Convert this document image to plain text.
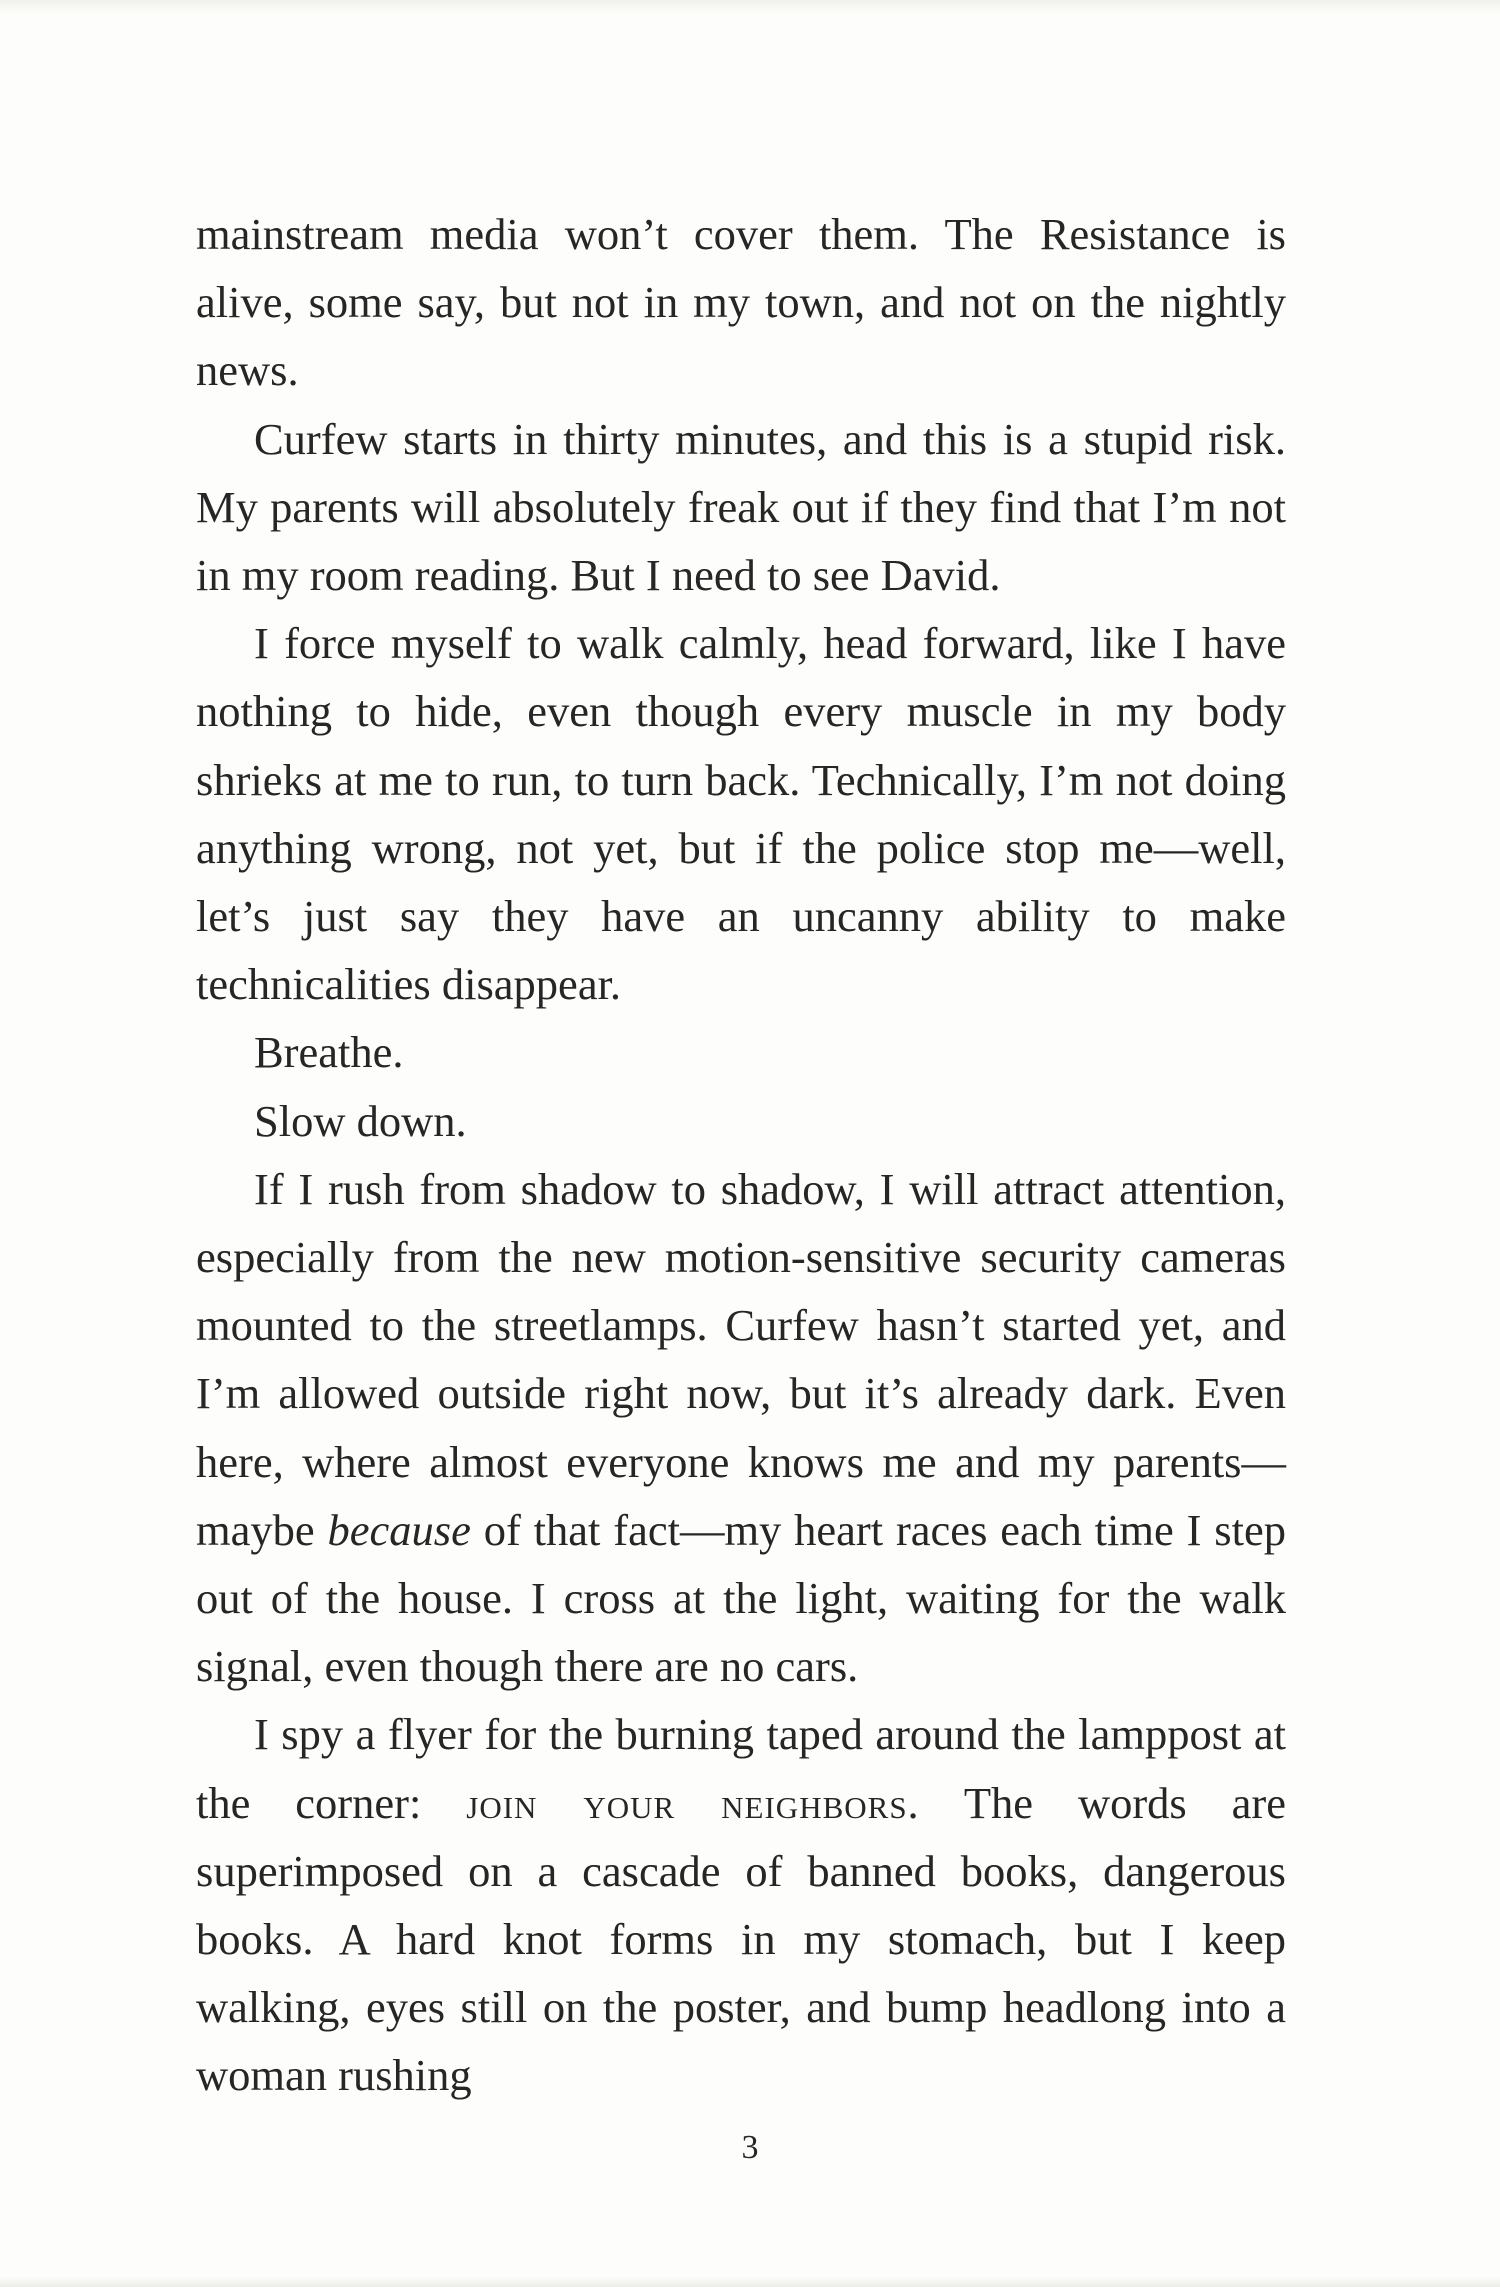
mainstream media won’t cover them. The Resistance is alive, some say, but not in my town, and not on the nightly news.

Curfew starts in thirty minutes, and this is a stupid risk. My parents will absolutely freak out if they find that I’m not in my room reading. But I need to see David.

I force myself to walk calmly, head forward, like I have nothing to hide, even though every muscle in my body shrieks at me to run, to turn back. Technically, I’m not doing anything wrong, not yet, but if the police stop me—well, let’s just say they have an uncanny ability to make technicalities disappear.

Breathe.

Slow down.

If I rush from shadow to shadow, I will attract attention, especially from the new motion-sensitive security cameras mounted to the streetlamps. Curfew hasn’t started yet, and I’m allowed outside right now, but it’s already dark. Even here, where almost everyone knows me and my parents—maybe because of that fact—my heart races each time I step out of the house. I cross at the light, waiting for the walk signal, even though there are no cars.

I spy a flyer for the burning taped around the lamppost at the corner: join your neighbors. The words are superimposed on a cascade of banned books, dangerous books. A hard knot forms in my stomach, but I keep walking, eyes still on the poster, and bump headlong into a woman rushing

3
